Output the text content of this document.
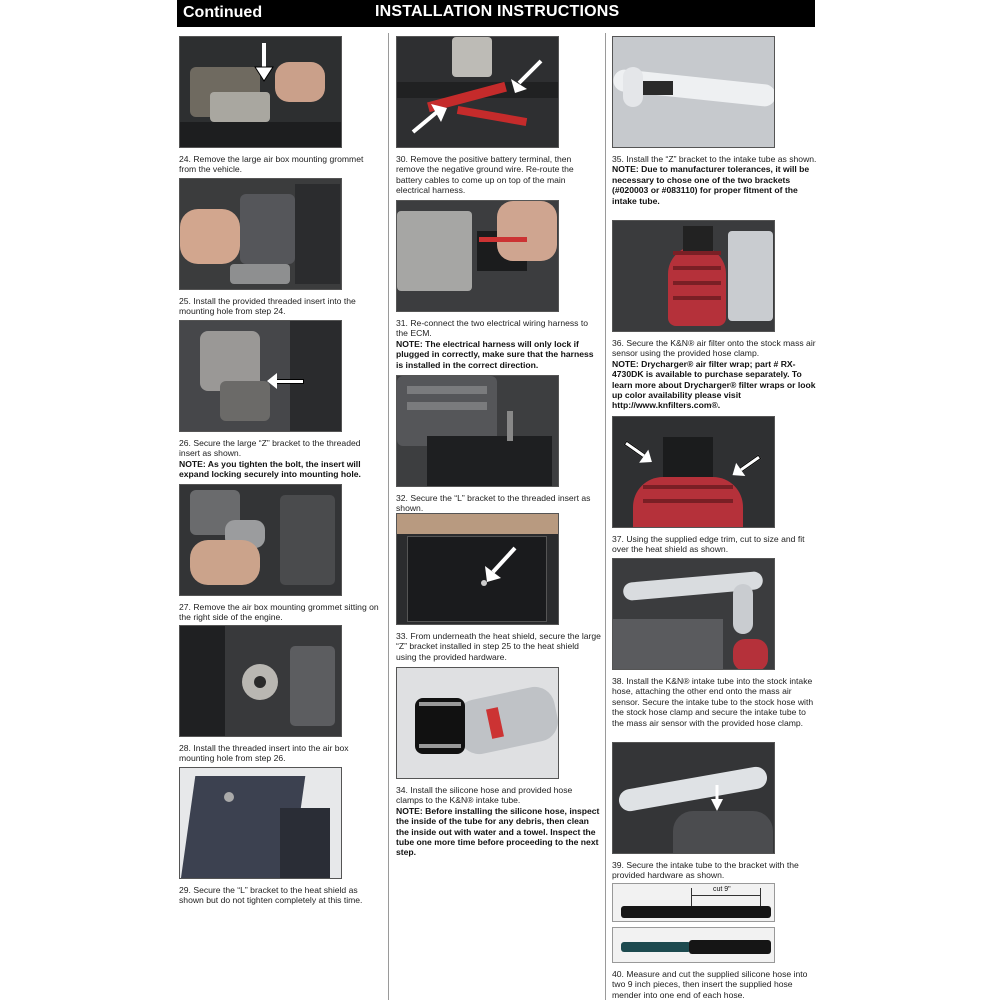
Continued	INSTALLATION INSTRUCTIONS
24. Remove the large air box mounting grommet from the vehicle.
25. Install the provided threaded insert into the mounting hole from step 24.
26. Secure the large “Z” bracket to the threaded insert as shown.
NOTE: As you tighten the bolt, the insert will expand locking securely into mounting hole.
27. Remove the air box mounting grommet sitting on the right side of the engine.
28. Install the threaded insert into the air box mounting hole from step 26.
29. Secure the “L” bracket to the heat shield as shown but do not tighten completely at this time.
30. Remove the positive battery terminal, then remove the negative ground wire. Re-route the battery cables to come up on top of the main electrical harness.
31. Re-connect the two electrical wiring harness to the ECM.
NOTE: The electrical harness will only lock if plugged in correctly, make sure that the harness is installed in the correct direction.
32. Secure the “L” bracket to the threaded insert as shown.
33. From underneath the heat shield, secure the large “Z” bracket installed in step 25 to the heat shield using the provided hardware.
34. Install the silicone hose and provided hose clamps to the K&N® intake tube.
NOTE: Before installing the silicone hose, inspect the inside of the tube for any debris, then clean the inside out with water and a towel. Inspect the tube one more time before proceeding to the next step.
35. Install the “Z” bracket to the intake tube as shown.
NOTE: Due to manufacturer tolerances, it will be necessary to chose one of the two brackets (#020003 or #083110) for proper fitment of the intake tube.
36. Secure the K&N® air filter onto the stock mass air sensor using the provided hose clamp.
NOTE: Drycharger® air filter wrap; part # RX-4730DK is available to purchase separately. To learn more about Drycharger® filter wraps or look up color availability please visit http://www.knfilters.com®.
37. Using the supplied edge trim, cut to size and fit over the heat shield as shown.
38. Install the K&N® intake tube into the stock intake hose, attaching the other end onto the mass air sensor. Secure the intake tube to the stock hose with the stock hose clamp and secure the intake tube to the mass air sensor with the provided hose clamp.
39. Secure the intake tube to the bracket with the provided hardware as shown.
cut 9"
40. Measure and cut the supplied silicone hose into two 9 inch pieces, then insert the supplied hose mender into one end of each hose.
